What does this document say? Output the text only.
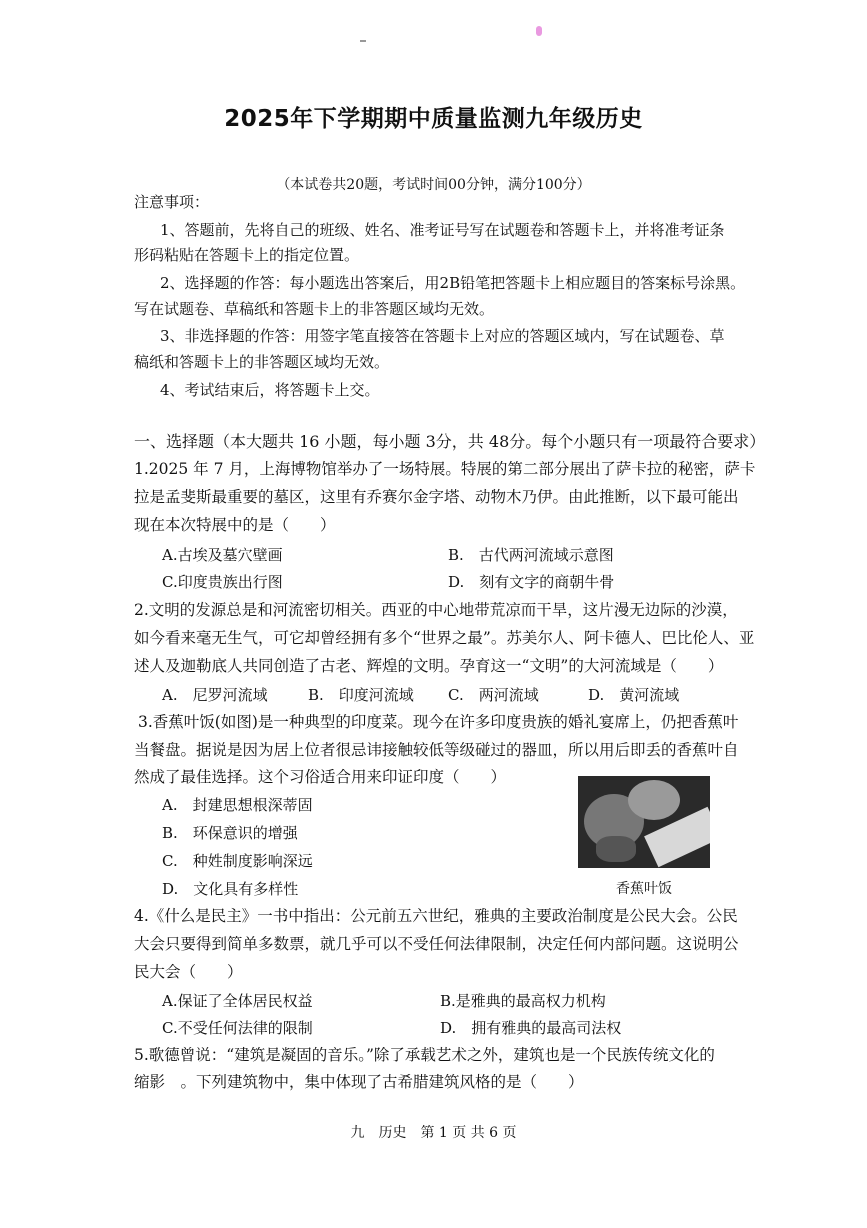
2025年下学期期中质量监测九年级历史
（本试卷共20题，考试时间00分钟，满分100分）
注意事项：
1、答题前，先将自己的班级、姓名、准考证号写在试题卷和答题卡上，并将准考证条
形码粘贴在答题卡上的指定位置。
2、选择题的作答：每小题选出答案后，用2B铅笔把答题卡上相应题目的答案标号涂黑。
写在试题卷、草稿纸和答题卡上的非答题区域均无效。
3、非选择题的作答：用签字笔直接答在答题卡上对应的答题区域内，写在试题卷、草
稿纸和答题卡上的非答题区域均无效。
4、考试结束后，将答题卡上交。
一、选择题（本大题共 16 小题，每小题 3分，共 48分。每个小题只有一项最符合要求）
1.2025 年 7 月，上海博物馆举办了一场特展。特展的第二部分展出了萨卡拉的秘密，萨卡
拉是孟斐斯最重要的墓区，这里有乔赛尔金字塔、动物木乃伊。由此推断，以下最可能出
现在本次特展中的是（　　）
A.古埃及墓穴壁画	B.　古代两河流域示意图
C.印度贵族出行图	D.　刻有文字的商朝牛骨
2.文明的发源总是和河流密切相关。西亚的中心地带荒凉而干旱，这片漫无边际的沙漠，
如今看来毫无生气，可它却曾经拥有多个“世界之最”。苏美尔人、阿卡德人、巴比伦人、亚
述人及迦勒底人共同创造了古老、辉煌的文明。孕育这一“文明”的大河流域是（　　）
A.　尼罗河流域	B.　印度河流域 C.　两河流域	D.　黄河流域
3.香蕉叶饭(如图)是一种典型的印度菜。现今在许多印度贵族的婚礼宴席上，仍把香蕉叶
当餐盘。据说是因为居上位者很忌讳接触较低等级碰过的器皿，所以用后即丢的香蕉叶自
然成了最佳选择。这个习俗适合用来印证印度（　　）
A.　封建思想根深蒂固
B.　环保意识的增强
C.　种姓制度影响深远
D.　文化具有多样性	香蕉叶饭
4.《什么是民主》一书中指出：公元前五六世纪，雅典的主要政治制度是公民大会。公民
大会只要得到简单多数票，就几乎可以不受任何法律限制，决定任何内部问题。这说明公
民大会（　　）
A.保证了全体居民权益	B.是雅典的最高权力机构
C.不受任何法律的限制	D.　拥有雅典的最高司法权
5.歌德曾说：“建筑是凝固的音乐。”除了承载艺术之外，建筑也是一个民族传统文化的
缩影　。下列建筑物中，集中体现了古希腊建筑风格的是（　　）
九　历史　第 1 页 共 6 页
